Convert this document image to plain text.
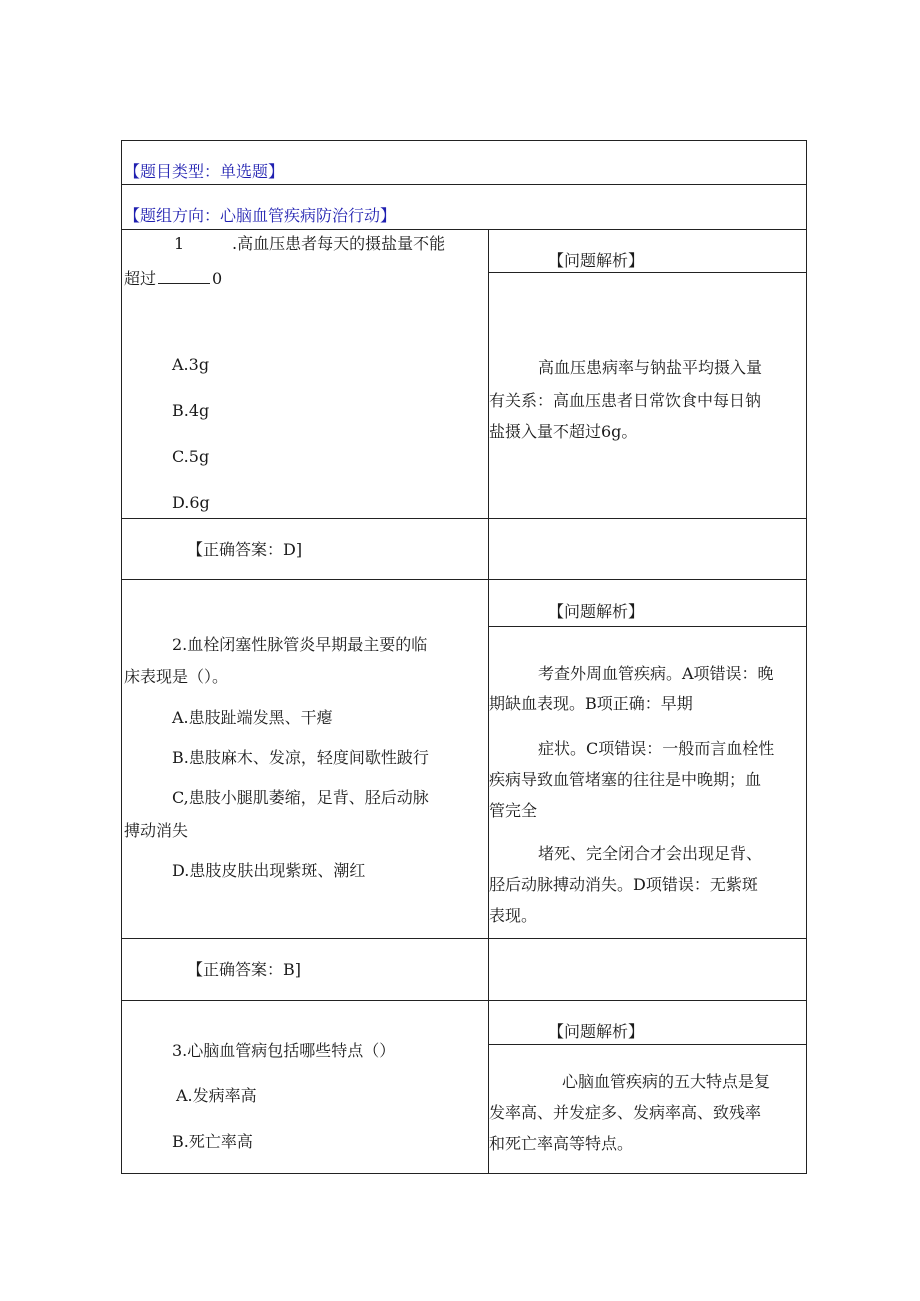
【题目类型：单选题】
【题组方向：心脑血管疾病防治行动】
1	.高血压患者每天的摄盐量不能
超过	0
A.3g
B.4g
C.5g
D.6g
【问题解析】
高血压患病率与钠盐平均摄入量
有关系：高血压患者日常饮食中每日钠
盐摄入量不超过6g。
【正确答案：D]
2.血栓闭塞性脉管炎早期最主要的临
床表现是（）。
A.患肢趾端发黑、干瘪
B.患肢麻木、发凉，轻度间歇性跛行
C,患肢小腿肌萎缩，足背、胫后动脉
搏动消失
D.患肢皮肤出现紫斑、潮红
【问题解析】
考查外周血管疾病。A项错误：晚
期缺血表现。B项正确：早期
症状。C项错误：一般而言血栓性
疾病导致血管堵塞的往往是中晚期；血
管完全
堵死、完全闭合才会出现足背、
胫后动脉搏动消失。D项错误：无紫斑
表现。
【正确答案：B]
3.心脑血管病包括哪些特点（）
A.发病率高
B.死亡率高
【问题解析】
心脑血管疾病的五大特点是复
发率高、并发症多、发病率高、致残率
和死亡率高等特点。
